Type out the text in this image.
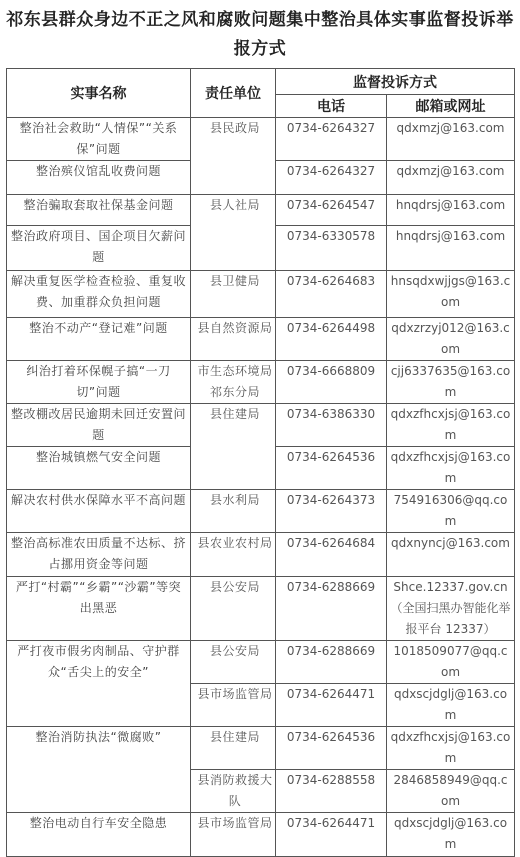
祁东县群众身边不正之风和腐败问题集中整治具体实事监督投诉举报方式
实事名称	责任单位	监督投诉方式	
		电话	邮箱或网址
整治社会救助“人情保”“关系保”问题	县民政局	0734-6264327	qdxmzj@163.com
整治殡仪馆乱收费问题		0734-6264327	qdxmzj@163.com
整治骗取套取社保基金问题	县人社局	0734-6264547	hnqdrsj@163.com
整治政府项目、国企项目欠薪问题		0734-6330578	hnqdrsj@163.com
解决重复医学检查检验、重复收费、加重群众负担问题	县卫健局	0734-6264683	hnsqdxwjjgs@163.com
整治不动产“登记难”问题	县自然资源局	0734-6264498	qdxzrzyj012@163.com
纠治打着环保幌子搞“一刀切”问题	市生态环境局祁东分局	0734-6668809	cjj6337635@163.com
整改棚改居民逾期未回迁安置问题	县住建局	0734-6386330	qdxzfhcxjsj@163.com
整治城镇燃气安全问题		0734-6264536	qdxzfhcxjsj@163.com
解决农村供水保障水平不高问题	县水利局	0734-6264373	754916306@qq.com
整治高标准农田质量不达标、挤占挪用资金等问题	县农业农村局	0734-6264684	qdxnyncj@163.com
严打“村霸”“乡霸”“沙霸”等突出黑恶	县公安局	0734-6288669	Shce.12337.gov.cn（全国扫黑办智能化举报平台 12337）
严打夜市假劣肉制品、守护群众“舌尖上的安全”	县公安局	0734-6288669	1018509077@qq.com
	县市场监管局	0734-6264471	qdxscjdglj@163.com
整治消防执法“微腐败”	县住建局	0734-6264536	qdxzfhcxjsj@163.com
	县消防救援大队	0734-6288558	2846858949@qq.com
整治电动自行车安全隐患	县市场监管局	0734-6264471	qdxscjdglj@163.com
